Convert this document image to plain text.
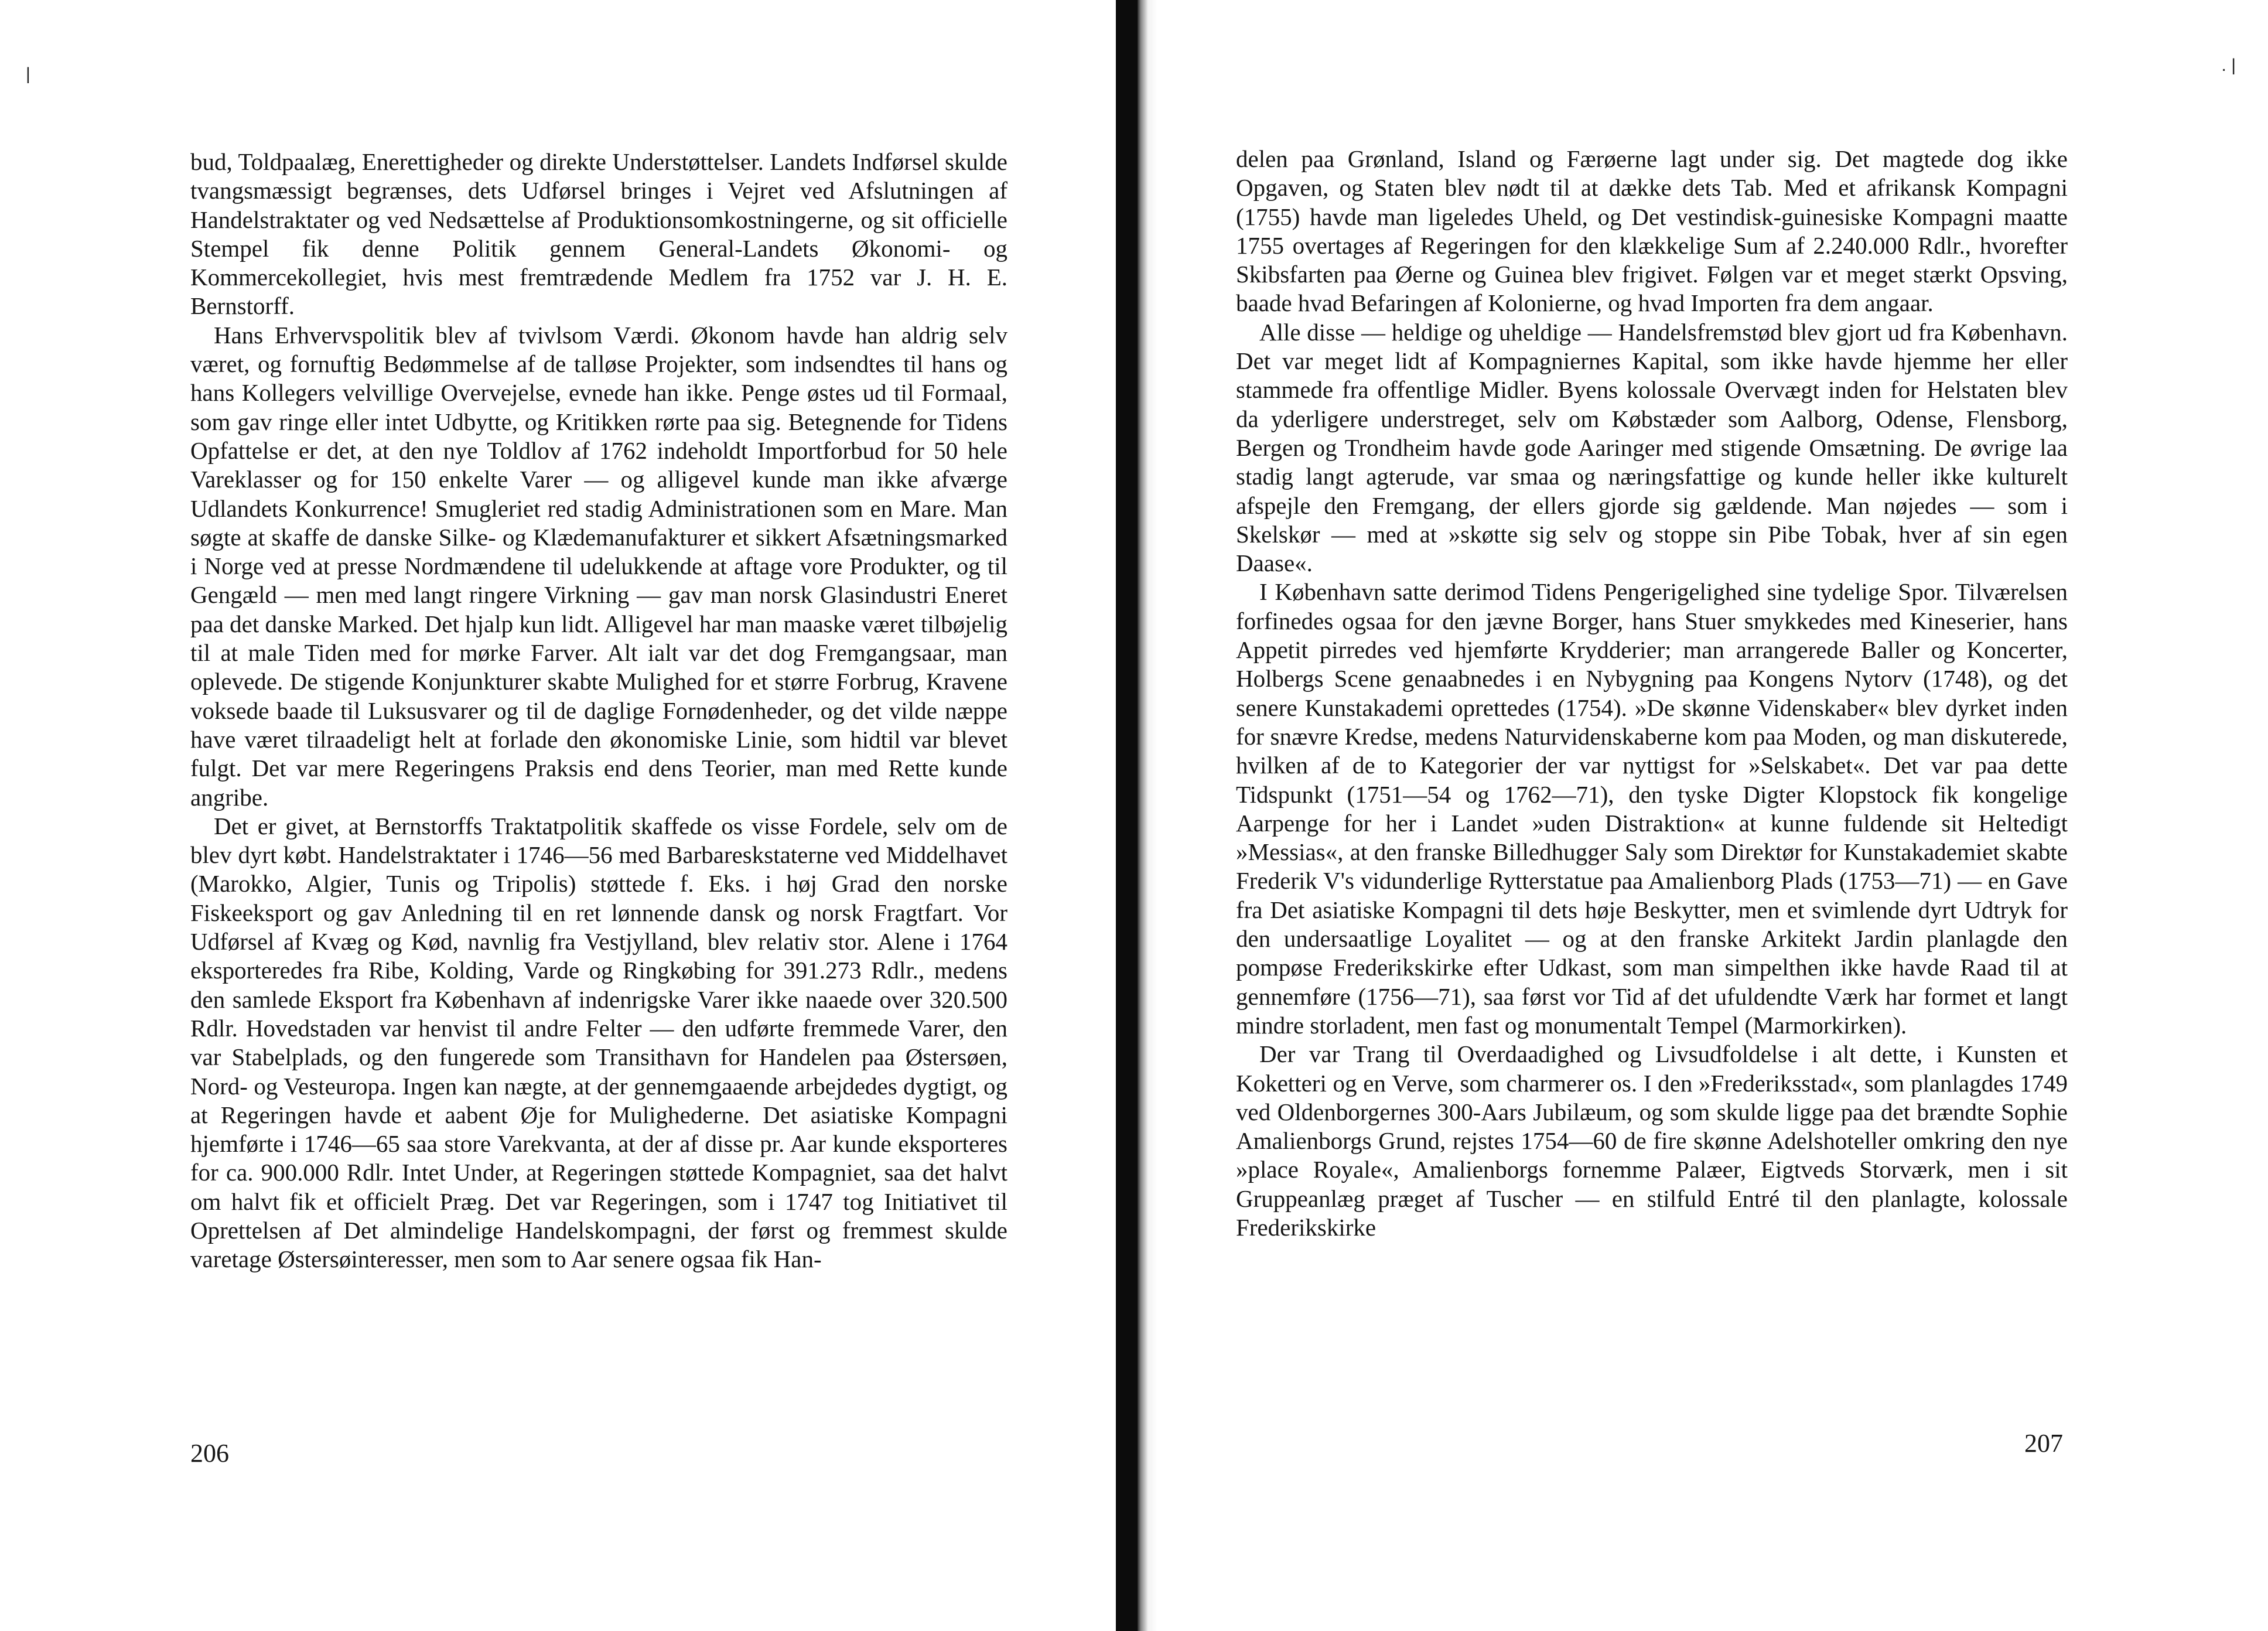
|

bud, Toldpaalæg, Enerettigheder og direkte Understøttelser. Landets Indførsel skulde tvangsmæssigt begrænses, dets Udførsel bringes i Vejret ved Afslutningen af Handelstraktater og ved Nedsættelse af Produktionsomkostningerne, og sit officielle Stempel fik denne Politik gennem General-Landets Økonomi- og Kommercekollegiet, hvis mest fremtrædende Medlem fra 1752 var J. H. E. Bernstorff.

Hans Erhvervspolitik blev af tvivlsom Værdi. Økonom havde han aldrig selv været, og fornuftig Bedømmelse af de talløse Projekter, som indsendtes til hans og hans Kollegers velvillige Overvejelse, evnede han ikke. Penge østes ud til Formaal, som gav ringe eller intet Udbytte, og Kritikken rørte paa sig. Betegnende for Tidens Opfattelse er det, at den nye Toldlov af 1762 indeholdt Importforbud for 50 hele Vareklasser og for 150 enkelte Varer — og alligevel kunde man ikke afværge Udlandets Konkurrence! Smugleriet red stadig Administrationen som en Mare. Man søgte at skaffe de danske Silke- og Klædemanufakturer et sikkert Afsætningsmarked i Norge ved at presse Nordmændene til udelukkende at aftage vore Produkter, og til Gengæld — men med langt ringere Virkning — gav man norsk Glasindustri Eneret paa det danske Marked. Det hjalp kun lidt. Alligevel har man maaske været tilbøjelig til at male Tiden med for mørke Farver. Alt ialt var det dog Fremgangsaar, man oplevede. De stigende Konjunkturer skabte Mulighed for et større Forbrug, Kravene voksede baade til Luksusvarer og til de daglige Fornødenheder, og det vilde næppe have været tilraadeligt helt at forlade den økonomiske Linie, som hidtil var blevet fulgt. Det var mere Regeringens Praksis end dens Teorier, man med Rette kunde angribe.

Det er givet, at Bernstorffs Traktatpolitik skaffede os visse Fordele, selv om de blev dyrt købt. Handelstraktater i 1746—56 med Barbareskstaterne ved Middelhavet (Marokko, Algier, Tunis og Tripolis) støttede f. Eks. i høj Grad den norske Fiskeeksport og gav Anledning til en ret lønnende dansk og norsk Fragtfart. Vor Udførsel af Kvæg og Kød, navnlig fra Vestjylland, blev relativ stor. Alene i 1764 eksporteredes fra Ribe, Kolding, Varde og Ringkøbing for 391.273 Rdlr., medens den samlede Eksport fra København af indenrigske Varer ikke naaede over 320.500 Rdlr. Hovedstaden var henvist til andre Felter — den udførte fremmede Varer, den var Stabelplads, og den fungerede som Transithavn for Handelen paa Østersøen, Nord- og Vesteuropa. Ingen kan nægte, at der gennemgaaende arbejdedes dygtigt, og at Regeringen havde et aabent Øje for Mulighederne. Det asiatiske Kompagni hjemførte i 1746—65 saa store Varekvanta, at der af disse pr. Aar kunde eksporteres for ca. 900.000 Rdlr. Intet Under, at Regeringen støttede Kompagniet, saa det halvt om halvt fik et officielt Præg. Det var Regeringen, som i 1747 tog Initiativet til Oprettelsen af Det almindelige Handelskompagni, der først og fremmest skulde varetage Østersøinteresser, men som to Aar senere ogsaa fik Han-

206
. |

delen paa Grønland, Island og Færøerne lagt under sig. Det magtede dog ikke Opgaven, og Staten blev nødt til at dække dets Tab. Med et afrikansk Kompagni (1755) havde man ligeledes Uheld, og Det vestindisk-guinesiske Kompagni maatte 1755 overtages af Regeringen for den klækkelige Sum af 2.240.000 Rdlr., hvorefter Skibsfarten paa Øerne og Guinea blev frigivet. Følgen var et meget stærkt Opsving, baade hvad Befaringen af Kolonierne, og hvad Importen fra dem angaar.

Alle disse — heldige og uheldige — Handelsfremstød blev gjort ud fra København. Det var meget lidt af Kompagniernes Kapital, som ikke havde hjemme her eller stammede fra offentlige Midler. Byens kolossale Overvægt inden for Helstaten blev da yderligere understreget, selv om Købstæder som Aalborg, Odense, Flensborg, Bergen og Trondheim havde gode Aaringer med stigende Omsætning. De øvrige laa stadig langt agterude, var smaa og næringsfattige og kunde heller ikke kulturelt afspejle den Fremgang, der ellers gjorde sig gældende. Man nøjedes — som i Skelskør — med at »skøtte sig selv og stoppe sin Pibe Tobak, hver af sin egen Daase«.

I København satte derimod Tidens Pengerigelighed sine tydelige Spor. Tilværelsen forfinedes ogsaa for den jævne Borger, hans Stuer smykkedes med Kineserier, hans Appetit pirredes ved hjemførte Krydderier; man arrangerede Baller og Koncerter, Holbergs Scene genaabnedes i en Nybygning paa Kongens Nytorv (1748), og det senere Kunstakademi oprettedes (1754). »De skønne Videnskaber« blev dyrket inden for snævre Kredse, medens Naturvidenskaberne kom paa Moden, og man diskuterede, hvilken af de to Kategorier der var nyttigst for »Selskabet«. Det var paa dette Tidspunkt (1751—54 og 1762—71), den tyske Digter Klopstock fik kongelige Aarpenge for her i Landet »uden Distraktion« at kunne fuldende sit Heltedigt »Messias«, at den franske Billedhugger Saly som Direktør for Kunstakademiet skabte Frederik V's vidunderlige Rytterstatue paa Amalienborg Plads (1753—71) — en Gave fra Det asiatiske Kompagni til dets høje Beskytter, men et svimlende dyrt Udtryk for den undersaatlige Loyalitet — og at den franske Arkitekt Jardin planlagde den pompøse Frederikskirke efter Udkast, som man simpelthen ikke havde Raad til at gennemføre (1756—71), saa først vor Tid af det ufuldendte Værk har formet et langt mindre storladent, men fast og monumentalt Tempel (Marmorkirken).

Der var Trang til Overdaadighed og Livsudfoldelse i alt dette, i Kunsten et Koketteri og en Verve, som charmerer os. I den »Frederiksstad«, som planlagdes 1749 ved Oldenborgernes 300-Aars Jubilæum, og som skulde ligge paa det brændte Sophie Amalienborgs Grund, rejstes 1754—60 de fire skønne Adelshoteller omkring den nye »place Royale«, Amalienborgs fornemme Palæer, Eigtveds Storværk, men i sit Gruppeanlæg præget af Tuscher — en stilfuld Entré til den planlagte, kolossale Frederikskirke

207
